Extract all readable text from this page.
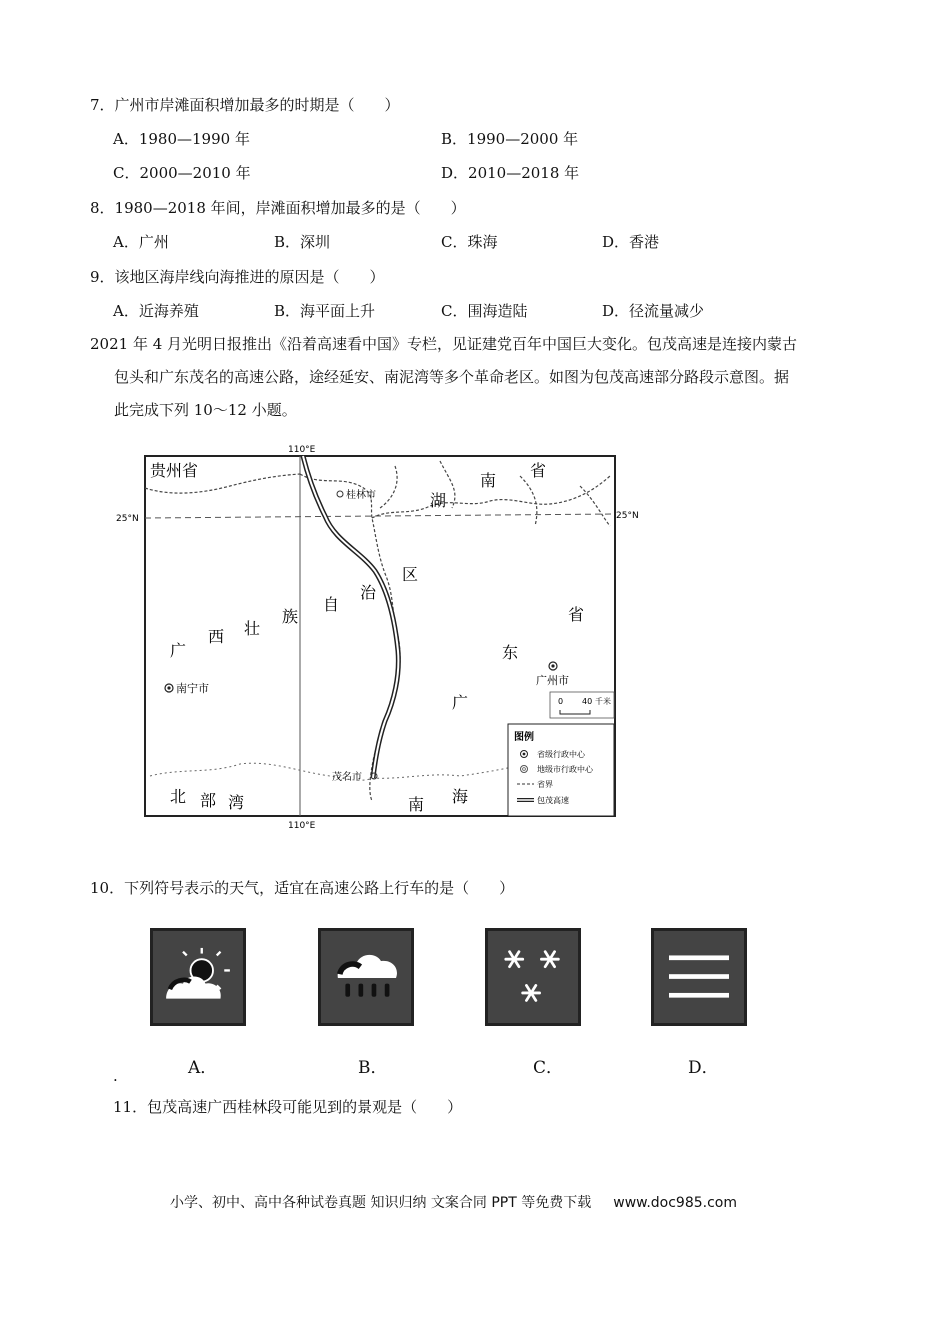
7．广州市岸滩面积增加最多的时期是（　　）
A．1980—1990 年	B．1990—2000 年
C．2000—2010 年	D．2010—2018 年
8．1980—2018 年间，岸滩面积增加最多的是（　　）
A．广州	B．深圳	C．珠海	D．香港
9．该地区海岸线向海推进的原因是（　　）
A．近海养殖	B．海平面上升	C．围海造陆	D．径流量减少
2021 年 4 月光明日报推出《沿着高速看中国》专栏，见证建党百年中国巨大变化。包茂高速是连接内蒙古
包头和广东茂名的高速公路，途经延安、南泥湾等多个革命老区。如图为包茂高速部分路段示意图。据
此完成下列 10～12 小题。
110°E
110°E
25°N	25°N
贵州省
湖
南
省
桂林市
自
治
区
广
西 壮
族	省
东
广
南宁市
广州市
茂名市
北 部 湾	南 海
0 40 千米
图例
省级行政中心
地级市行政中心
省界
包茂高速
10．下列符号表示的天气，适宜在高速公路上行车的是（　　）
A．	B．	C．	D．
.
11．包茂高速广西桂林段可能见到的景观是（　　）
小学、初中、高中各种试卷真题 知识归纳 文案合同 PPT 等免费下载 www.doc985.com
